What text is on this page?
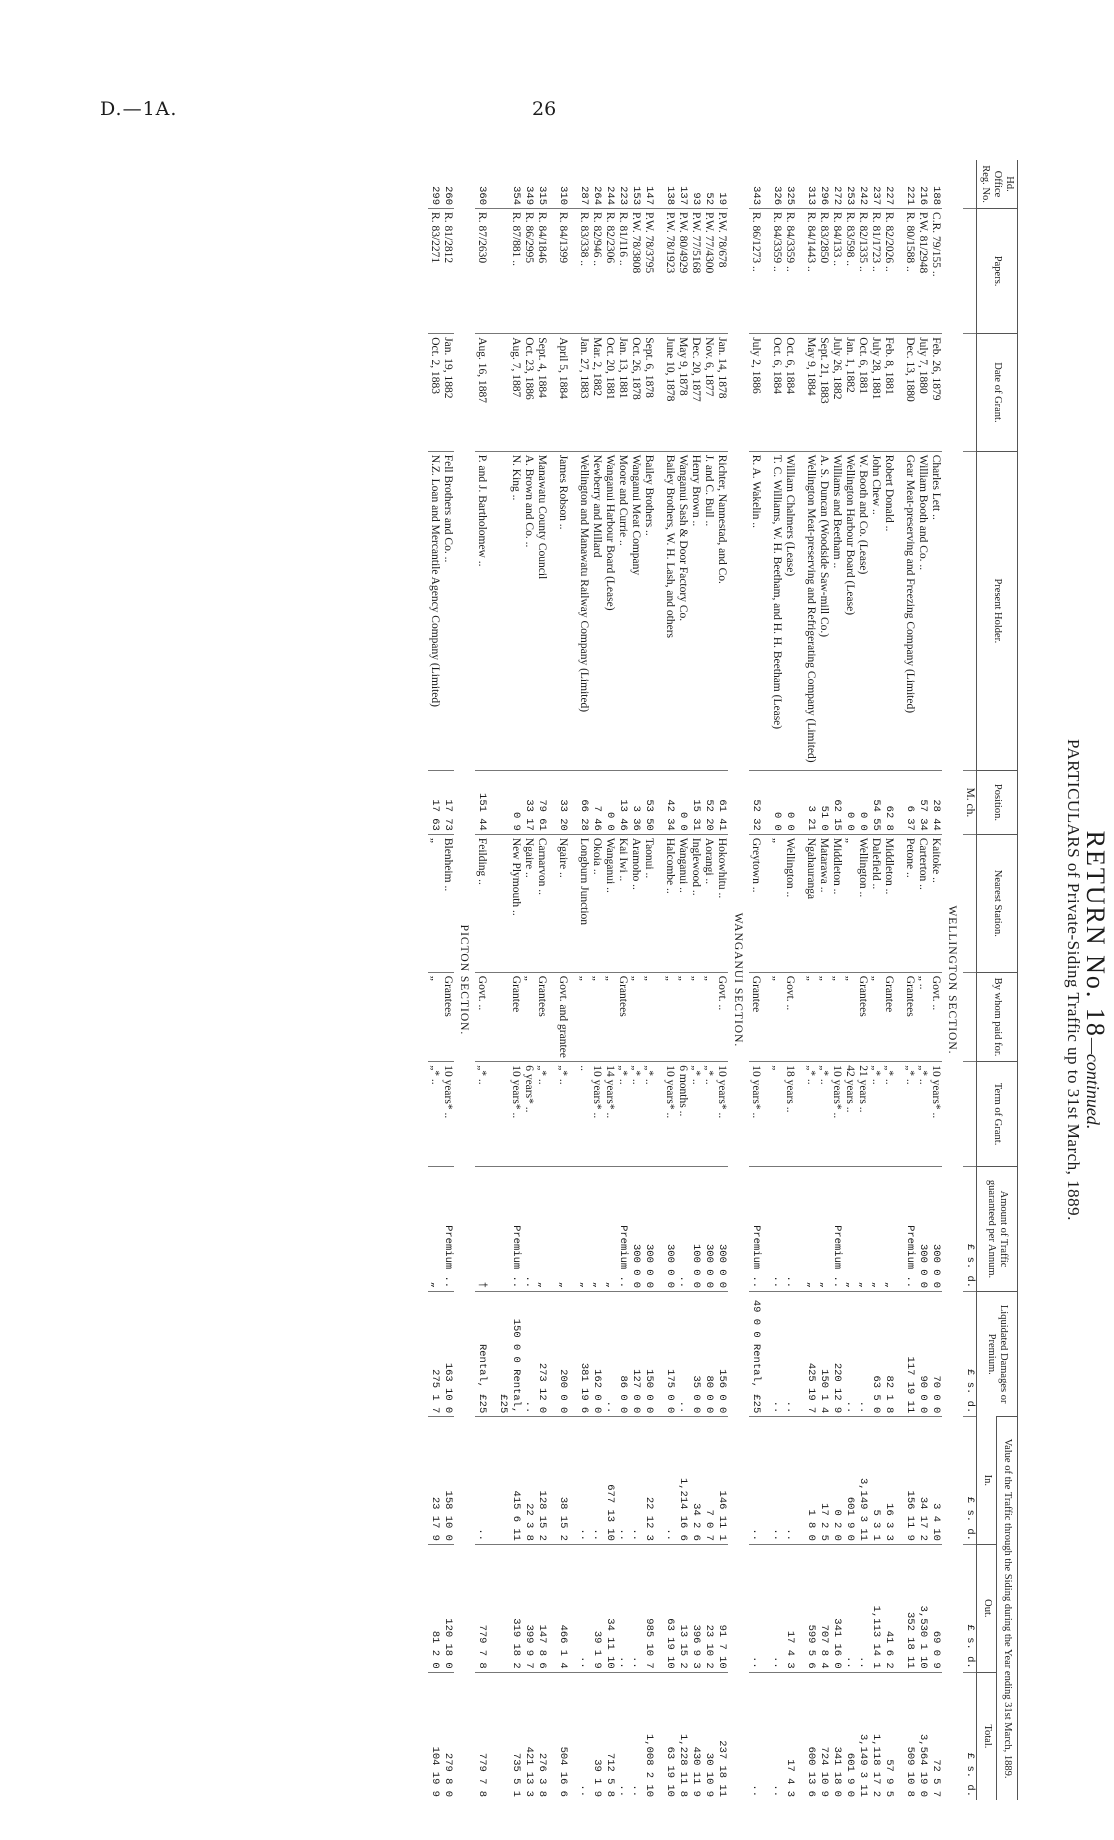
D.—1A.	26
RETURN No. 18—continued.
PARTICULARS of Private-Siding Traffic up to 31st March, 1889.
Hd. Office Reg. No.	Papers.	Date of Grant.	Present Holder.	Position.	Nearest Station.	By whom paid for.	Term of Grant.	Amount of Traffic guaranteed per Annum.	Liquidated Damages or Premium.	Value of the Traffic through the Siding during the Year ending 31st March, 1889.		
										In.	Out.	Total.
				M. ch.				£ s. d.	£ s. d.	£ s. d.	£ s. d.	£ s. d.
WELLINGTON SECTION.												
188	C.R. 79/155 ..	Feb. 26, 1879	Charles Lett ..	28 44	Kaitoke ..	Govt. ..	10 years* ..	300 0 0	70 0 0	3 4 10	69 0 9	72 5 7
216	P.W. 81/2948	July 7, 1880	William Booth and Co. ..	57 34	Carterton ..	„ ..	„* ..	300 0 0	90 0 0	34 17 2	3,530 1 10	3,564 19 0
221	R. 80/1588 ..	Dec. 13, 1880	Gear Meat-preserving and Freezing Company (Limited)	6 37	Petone ..	Grantees	„* ..	Premium ..	117 19 11	156 11 9	352 18 11	509 10 8

227	R. 82/2026 ..	Feb. 8, 1881	Robert Donald ..	62 8	Middleton ..	Grantee	„* ..	„	82 1 8	16 3 3	41 6 2	57 9 5
237	R. 81/1723 ..	July 28, 1881	John Chew ..	54 55	Dalefield ..	„	„* ..	„	63 5 0	5 3 1	1,113 14 1	1,118 17 2
242	R. 82/1335 ..	Oct. 6, 1881	W. Booth and Co. (Lease)	0 0	Wellington ..	Grantees	21 years ..	„	..	3,149 3 11	..	3,149 3 11
253	R. 83/598 ..	Jan. 1, 1882	Wellington Harbour Board (Lease)	0 0	„	„	42 years ..	„	..	601 9 0	..	601 9 0
272	R. 84/133 ..	July 26, 1882	Williams and Beetham ..	62 15	Middleton ..	„	10 years* ..	Premium ..	220 12 9	0 2 0	341 16 0	341 18 0
296	R. 83/2850	Sept. 21, 1883	A. S. Duncan (Woodside Saw-mill Co.)	51 0	Matarawa ..	„	„* ..	„	150 1 4	17 2 5	707 8 4	724 10 9
313	R. 84/1443 ..	May 9, 1884	Wellington Meat-preserving and Refrigerating Company (Limited)	3 21	Ngahauranga	„	„* ..	„	425 19 7	1 8 0	599 5 6	600 13 6

325	R. 84/3359 ..	Oct. 6, 1884	William Chalmers (Lease)	0 0	Wellington ..	Govt. ..	18 years ..	..	..	..	17 4 3	17 4 3
326	R. 84/3359 ..	Oct. 6, 1884	T. C. Williams, W. H. Beetham, and H. H. Beetham (Lease)	0 0	„	„	„	..	..	..	..	..

343	R. 86/1273 ..	July 2, 1886	R. A. Wakelin ..	52 32	Greytown ..	Grantee	10 years* ..	Premium ..	49 0 0 Rental, £25	..	..	..
WANGANUI SECTION.												
19	P.W. 78/678	Jan. 14, 1878	Richter, Nannestad, and Co.	61 41	Hokowhitu ..	Govt. ..	10 years* ..	300 0 0	156 0 0	146 11 1	91 7 10	237 18 11
52	P.W. 77/4300	Nov. 6, 1877	J. and C. Bull ..	52 20	Aorangi ..	„	„* ..	300 0 0	80 0 0	7 0 7	23 10 2	30 10 9
93	P.W. 77/5168	Dec. 20, 1877	Henry Brown ..	15 31	Inglewood ..	„	„* ..	100 0 0	35 0 0	34 2 6	396 9 3	430 11 9
137	P.W. 80/4929	May 9, 1878	Wanganui Sash & Door Factory Co.	0 0	Wanganui ..	„	6 months ..	..	..	1,214 16 6	13 15 2	1,228 11 8
138	P.W. 78/1923	June 10, 1878	Bailey Brothers, W. H. Lash, and others	42 34	Halcombe ..	„	10 years* ..	300 0 0	175 0 0	..	63 19 10	63 19 10

147	P.W. 78/3795	Sept. 6, 1878	Bailey Brothers ..	53 50	Taonui ..	„	„* ..	300 0 0	150 0 0	22 12 3	985 10 7	1,008 2 10
153	P.W. 78/3808	Oct. 26, 1878	Wanganui Meat Company	3 36	Aramoho ..	„	„* ..	300 0 0	127 0 0	..	..	..
223	R. 81/116 ..	Jan. 13, 1881	Moore and Currie ..	13 46	Kai Iwi ..	Grantees	„* ..	Premium ..	86 0 0	..	..	..
244	R. 82/2306	Oct. 20, 1881	Wanganui Harbour Board (Lease)	0 0	Wanganui ..	„	14 years* ..	„	..	677 13 10	34 11 10	712 5 8
264	R. 82/946 ..	Mar. 2, 1882	Newberry and Millard	7 46	Okoia ..	„	10 years* ..	„	162 0 0	..	39 1 9	39 1 9
287	R. 83/338 ..	Jan. 27, 1883	Wellington and Manawatu Railway Company (Limited)	66 28	Longburn Junction	„	..	„	381 19 6	..	..	..

310	R. 84/1399	April 5, 1884	James Robson ..	33 20	Ngaire ..	Govt. and grantee	„* ..	„	200 0 0	38 15 2	466 1 4	504 16 6

315	R. 84/1846	Sept. 4, 1884	Manawatu County Council	79 61	Carnarvon ..	Grantees	„* ..	„	273 12 0	128 15 2	147 8 6	276 3 8
349	R. 86/2995	Oct. 23, 1886	A. Brown and Co. ..	33 17	Ngaire ..	„	6 years* ..	..	..	22 3 8	399 9 7	421 13 3
354	R. 87/881 ..	Aug. 7, 1887	N. King ..	0 9	New Plymouth ..	Grantee	10 years* ..	Premium ..	150 0 0 Rental, £25	415 6 11	319 18 2	735 5 1

360	R. 87/2630	Aug. 16, 1887	P. and J. Bartholomew ..	151 44	Feilding ..	Govt. ..	„* ..	†	Rental, £25	..	779 7 8	779 7 8
PICTON SECTION.												
260	R. 81/2812	Jan. 19, 1882	Fell Brothers and Co. ..	17 73	Blenheim ..	Grantees	10 years* ..	Premium ..	163 10 0	158 10 0	120 18 0	279 8 0
299	R. 83/2271	Oct. 2, 1883	N.Z. Loan and Mercantile Agency Company (Limited)	17 63	„	„	„* ..	„	275 1 7	23 17 9	81 2 0	104 19 9
